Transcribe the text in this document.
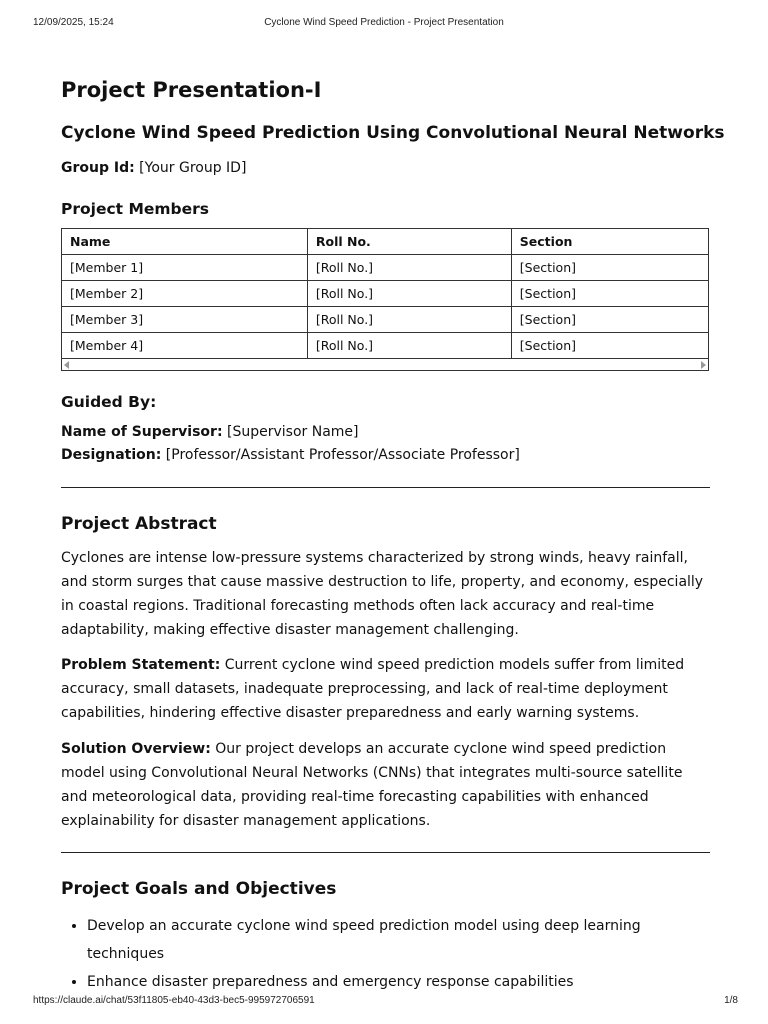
12/09/2025, 15:24	Cyclone Wind Speed Prediction - Project Presentation
Project Presentation-I
Cyclone Wind Speed Prediction Using Convolutional Neural Networks
Group Id: [Your Group ID]
Project Members
Name	Roll No.	Section
[Member 1]	[Roll No.]	[Section]
[Member 2]	[Roll No.]	[Section]
[Member 3]	[Roll No.]	[Section]
[Member 4]	[Roll No.]	[Section]
Guided By:
Name of Supervisor: [Supervisor Name]
Designation: [Professor/Assistant Professor/Associate Professor]
Project Abstract
Cyclones are intense low-pressure systems characterized by strong winds, heavy rainfall, and storm surges that cause massive destruction to life, property, and economy, especially in coastal regions. Traditional forecasting methods often lack accuracy and real-time adaptability, making effective disaster management challenging.
Problem Statement: Current cyclone wind speed prediction models suffer from limited accuracy, small datasets, inadequate preprocessing, and lack of real-time deployment capabilities, hindering effective disaster preparedness and early warning systems.
Solution Overview: Our project develops an accurate cyclone wind speed prediction model using Convolutional Neural Networks (CNNs) that integrates multi-source satellite and meteorological data, providing real-time forecasting capabilities with enhanced explainability for disaster management applications.
Project Goals and Objectives
• Develop an accurate cyclone wind speed prediction model using deep learning techniques
• Enhance disaster preparedness and emergency response capabilities
https://claude.ai/chat/53f11805-eb40-43d3-bec5-995972706591	1/8
